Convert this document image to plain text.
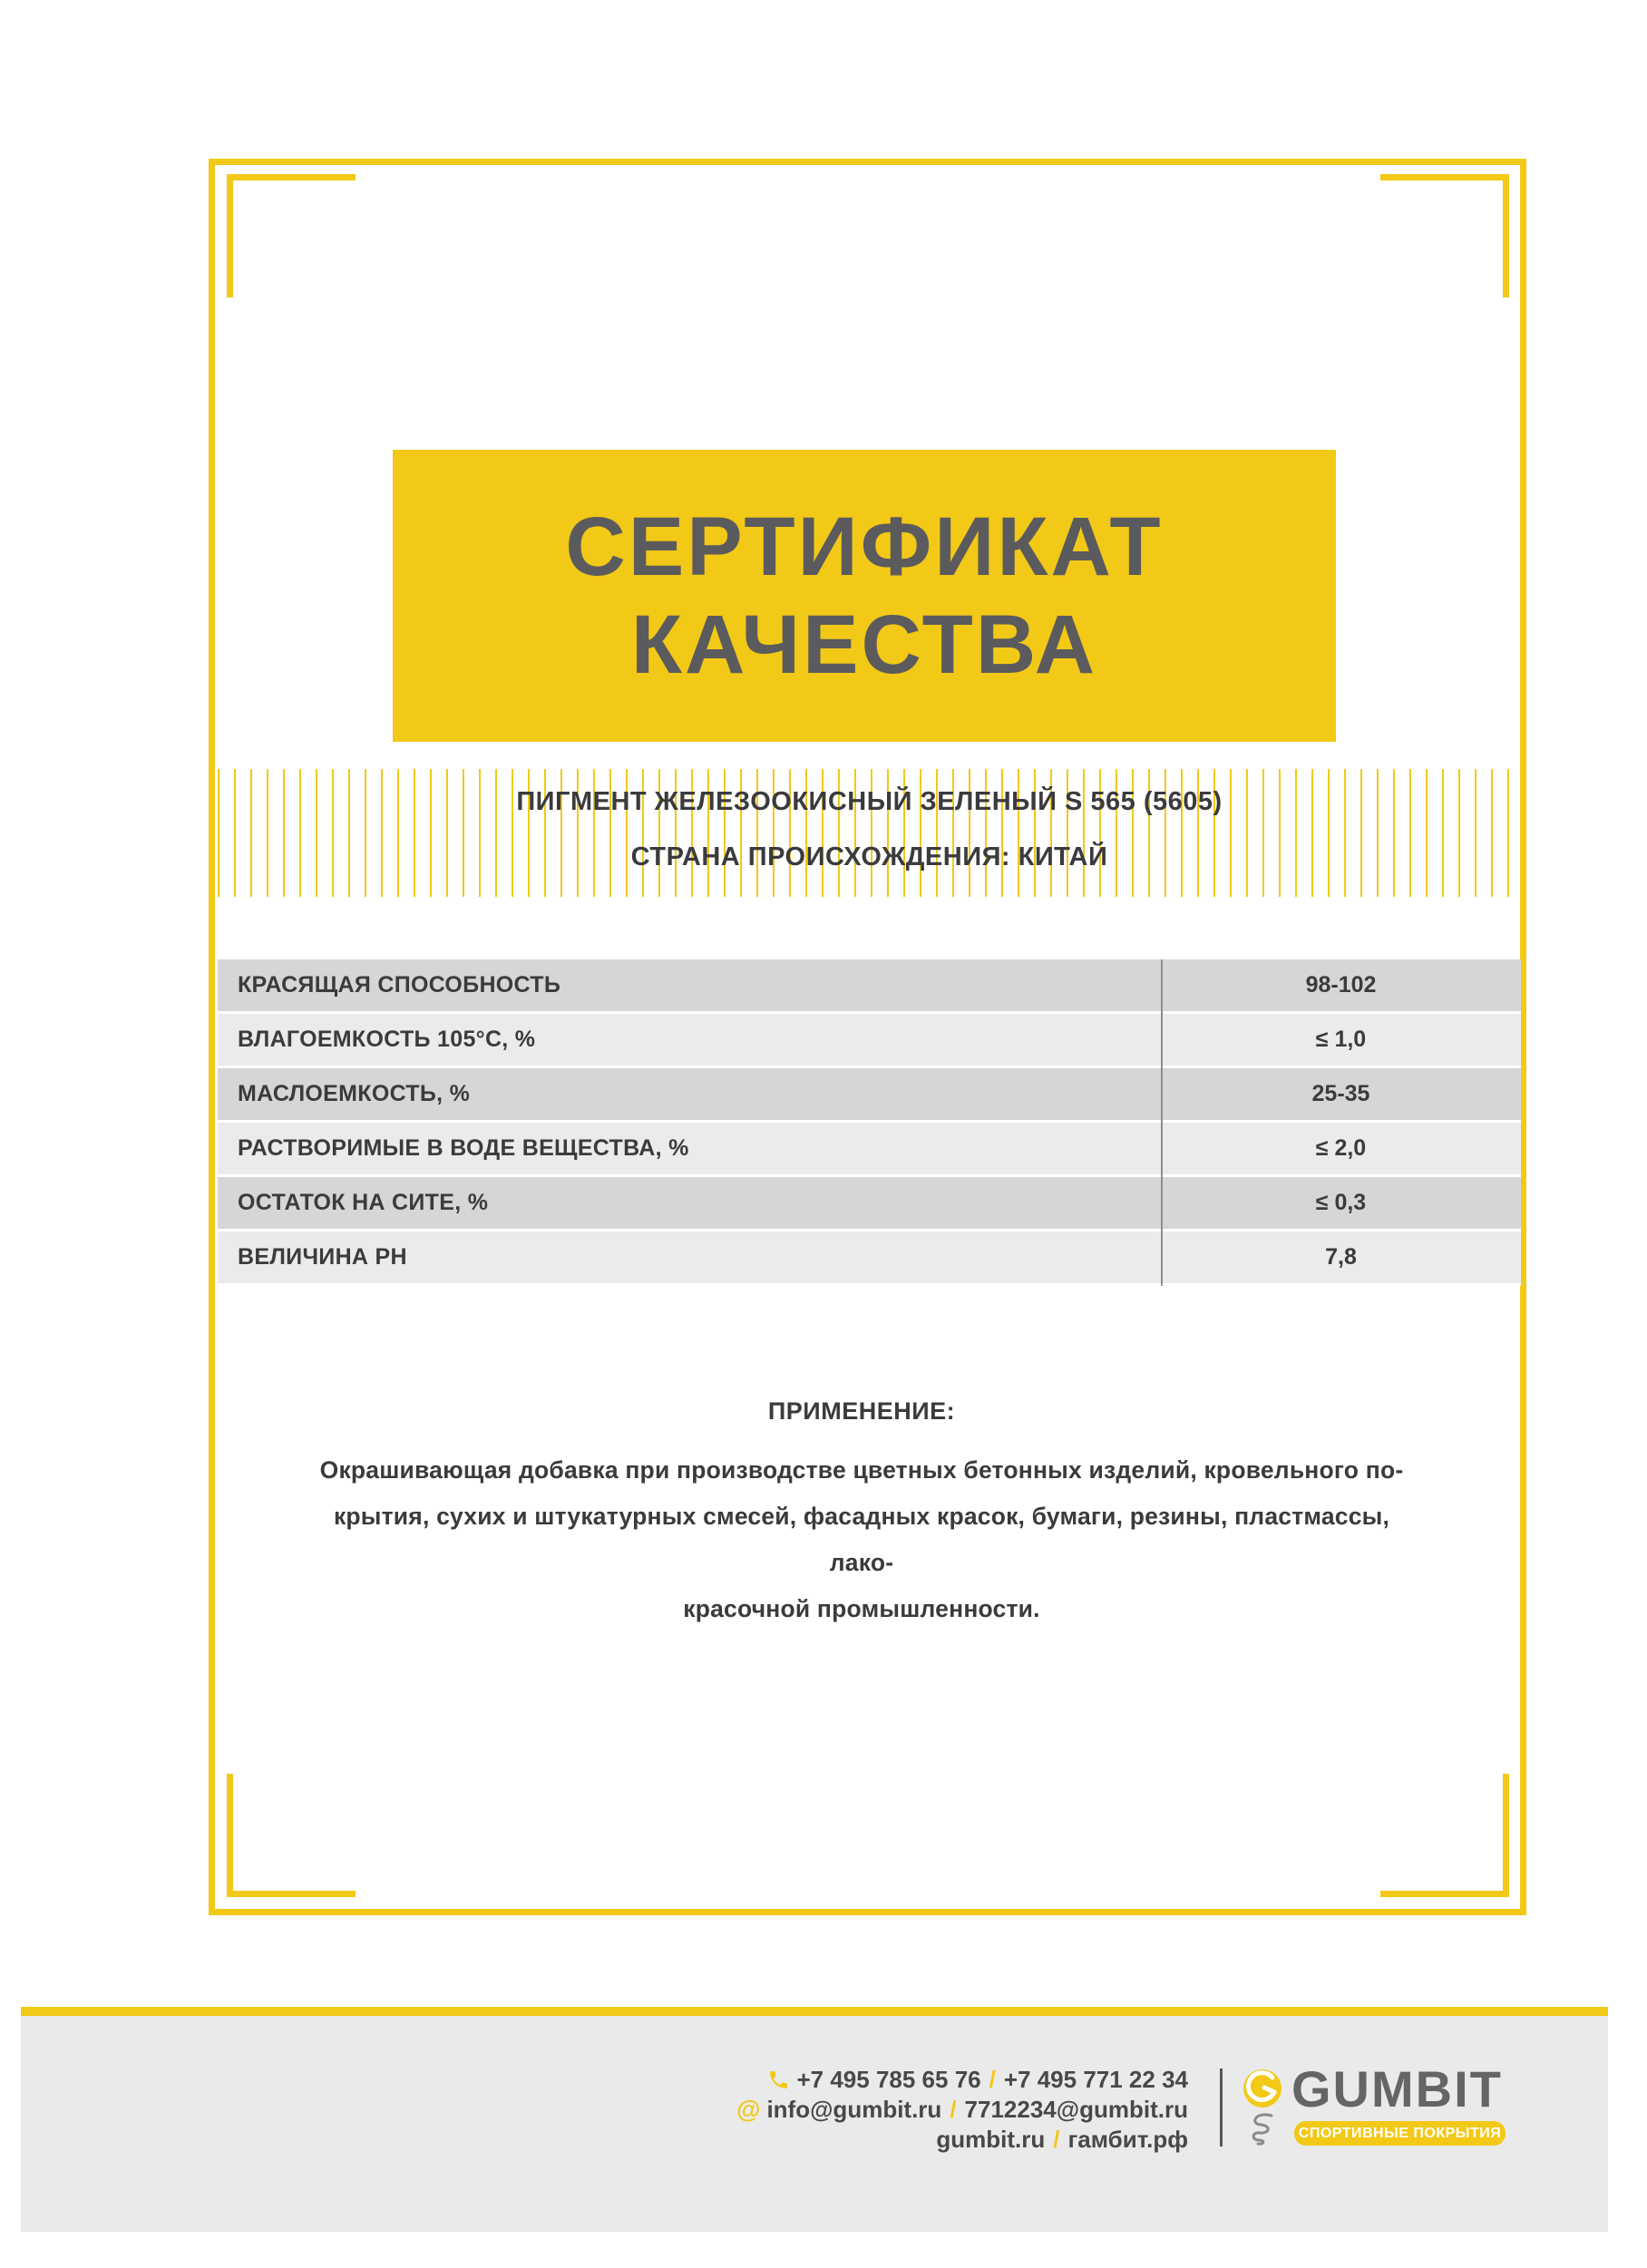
СЕРТИФИКАТ
КАЧЕСТВА
ПИГМЕНТ ЖЕЛЕЗООКИСНЫЙ ЗЕЛЕНЫЙ S 565 (5605)
СТРАНА ПРОИСХОЖДЕНИЯ: КИТАЙ
КРАСЯЩАЯ СПОСОБНОСТЬ	98-102
ВЛАГОЕМКОСТЬ 105°С, %	≤ 1,0
МАСЛОЕМКОСТЬ, %	25-35
РАСТВОРИМЫЕ В ВОДЕ ВЕЩЕСТВА, %	≤ 2,0
ОСТАТОК НА СИТЕ, %	≤ 0,3
ВЕЛИЧИНА РН	7,8
ПРИМЕНЕНИЕ:
Окрашивающая добавка при производстве цветных бетонных изделий, кровельного по-
крытия, сухих и штукатурных смесей, фасадных красок, бумаги, резины, пластмассы, лако-
красочной промышленности.
+7 495 785 65 76 / +7 495 771 22 34
@ info@gumbit.ru / 7712234@gumbit.ru
gumbit.ru / гамбит.рф
GUMBIT
СПОРТИВНЫЕ ПОКРЫТИЯ
